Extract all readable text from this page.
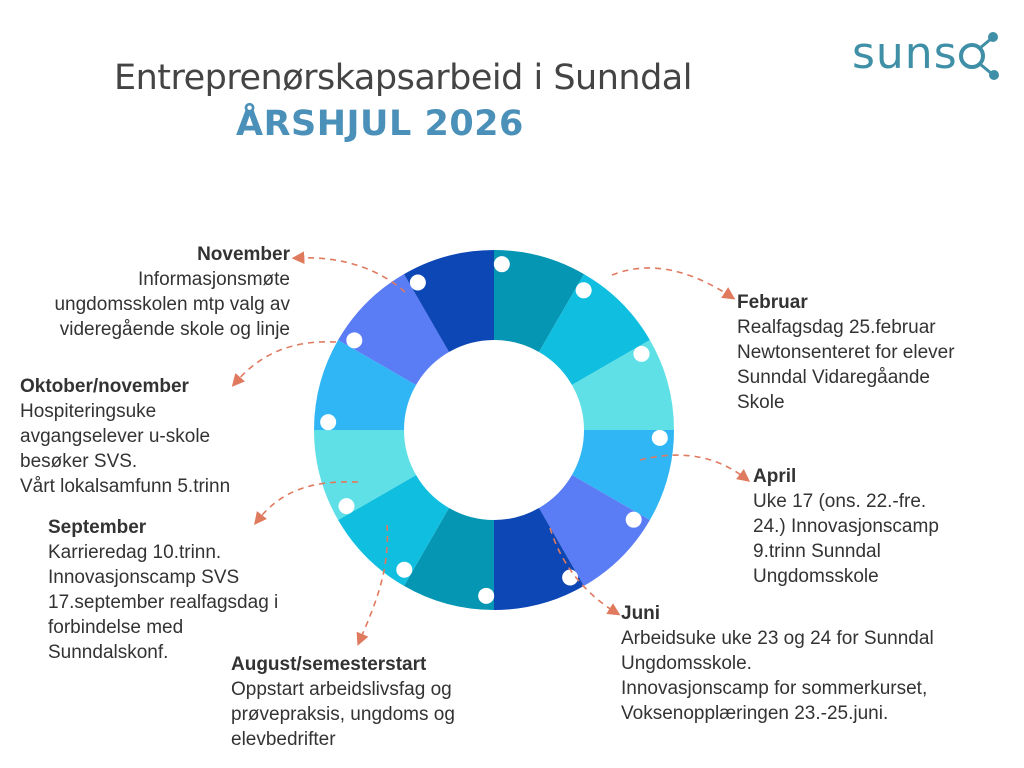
Entreprenørskapsarbeid i Sunndal
ÅRSHJUL 2026
suns
Februar
Realfagsdag 25.februar
Newtonsenteret for elever
Sunndal Vidaregåande
Skole
April
Uke 17 (ons. 22.-fre.
24.) Innovasjonscamp
9.trinn Sunndal
Ungdomsskole
Juni
Arbeidsuke uke 23 og 24 for Sunndal
Ungdomsskole.
Innovasjonscamp for sommerkurset,
Voksenopplæringen 23.-25.juni.
August/semesterstart
Oppstart arbeidslivsfag og
prøvepraksis, ungdoms og
elevbedrifter
September
Karrieredag 10.trinn.
Innovasjonscamp SVS
17.september realfagsdag i
forbindelse med
Sunndalskonf.
Oktober/november
Hospiteringsuke
avgangselever u-skole
besøker SVS.
Vårt lokalsamfunn 5.trinn
November
Informasjonsmøte
ungdomsskolen mtp valg av
videregående skole og linje
